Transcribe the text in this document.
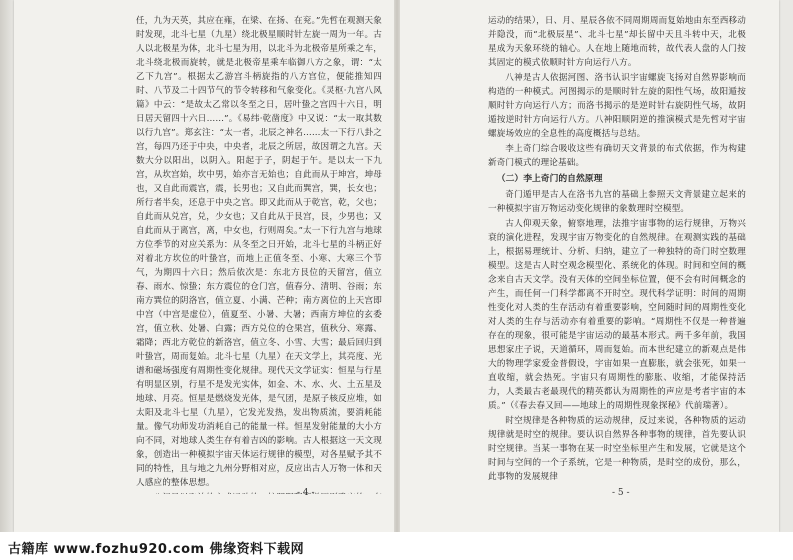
任，九为天英，其应在雍，在梁、在扬、在兖。”先哲在观测天象时发现，北斗七星（九星）绕北极星顺时针左旋一周为一年。古人以北极星为体，北斗七星为用，以北斗为北极帝星所乘之车，北斗绕北极而旋转，就是北极帝星乘车临御八方之象，谓：“太乙下九宫”。根据太乙游宫斗柄旋指的八方宫位，便能推知四时、八节及二十四节气的节令转移和气象变化。《灵枢·九宫八风篇》中云：“是故太乙常以冬至之日，居叶蛰之宫四十六日，明日居天留四十六日……”。《易纬·乾凿度》中又说：“太一取其数以行九宫”。郑玄注：“太一者，北辰之神名……太一下行八卦之宫，每四乃还于中央，中央者，北辰之所居，故因谓之九宫。天数大分以阳出，以阴入。阳起于子，阴起于午。是以太一下九宫，从坎宫始，坎中男，始亦言无始也；自此而从于坤宫，坤母也，又自此而震宫，震，长男也；又自此而巽宫，巽，长女也；所行者半矣，还息于中央之宫。即又此而从于乾宫，乾，父也；自此而从兑宫，兑，少女也；又自此从于艮宫，艮，少男也；又自此而从于离宫，离，中女也，行则周矣。”太一下行九宫与地球方位季节的对应关系为：从冬至之日开始，北斗七星的斗柄正好对着北方坎位的叶蛰宫，而地上正值冬至、小寒、大寒三个节气，为期四十六日；然后依次是：东北方艮位的天留宫，值立春、雨水、惊蛰；东方震位的仓门宫，值春分、清明、谷雨；东南方巽位的阴洛宫，值立夏、小满、芒种；南方离位的上天宫即中宫（中宫是虚位），值夏至、小暑、大暑；西南方坤位的玄委宫，值立秋、处暑、白露；西方兑位的仓果宫，值秋分、寒露、霜降；西北方乾位的新洛宫，值立冬、小雪、大雪；最后回归到叶蛰宫，周而复始。北斗七星（九星）在天文学上，其亮度、光谱和磁场强度有周期性变化规律。现代天文学证实：恒星与行星有明显区别，行星不是发光实体，如金、木、水、火、土五星及地球、月亮。恒星是燃烧发光体，是气团，是原子核反应堆，如太阳及北斗七星（九星），它发光发热，发出物质流，要消耗能量。像气功师发功消耗自己的能量一样。恒星发射能量的大小方向不同，对地球人类生存有着吉凶的影响。古人根据这一天文现象，创造出一种模拟宇宙天体运行规律的模型，对各星赋予其不同的特性，且与地之九州分野相对应，反应出古人万物一体和天人感应的整体思想。

- 4 -

运动的结果），日、月、星辰各依不同周期周而复始地由东至西移动并隐没，而“北极辰星”、北斗七星”却长留中天且斗转中天，北极星成为天象环绕的轴心。人在地上随地而转，故代表人盘的人门按其固定的模式依顺时针方向运行八方。

八神是古人依据河图、洛书认识宇宙螺旋飞扬对自然界影响而构造的一种模式。河图揭示的是顺时针左旋的阳性气场，故阳遁按顺时针方向运行八方；而洛书揭示的是逆时针右旋阴性气场，故阴遁按逆时针方向运行八方。八神阳顺阴逆的推演模式是先哲对宇宙螺旋场效应的全息性的高度概括与总结。

李上奇门综合吸收这些有确切天文背景的布式依据，作为构建新奇门模式的理论基础。

（二）李上奇门的自然原理

奇门遁甲是古人在洛书九宫的基础上参照天文背景建立起来的一种模拟宇宙万物运动变化规律的象数理时空模型。

古人仰观天象，俯察地理，法推宇宙事物的运行规律，万物兴衰的演化进程，发现宇宙万物变化的自然规律。在观测实践的基础上，根据易理统计、分析、归纳，建立了一种独特的奇门时空数理模型。这是古人时空观念模型化、系统化的体现。时间和空间的概念来自古天文学。没有天体的空间坐标位置，便不会有时间概念的产生，而任何一门科学都离不开时空。现代科学证明：时间的周期性变化对人类的生存活动有着重要影响，空间随时间的周期性变化对人类的生存与活动亦有着重要的影响。“周期性不仅是一种普遍存在的现象，很可能是宇宙运动的最基本形式。两千多年前，我国思想家庄子说，天道循环，周而复始。而本世纪建立的新观点是伟大的物理学家爱金普假设，宇宙如果一直膨胀，就会张死，如果一直收缩，就会热死。宇宙只有周期性的膨胀、收缩，才能保持活力，人类最古老最现代的精英都认为周期性的声应是考者宇宙的本质。”（《春去春又回——地球上的周期性现象探秘》代前瑞著）。

时空规律是各种物质的运动规律，反过来说，各种物质的运动规律就是时空的规律。要认识自然界各种事物的规律，首先要认识时空规律。当某一事物在某一时空坐标里产生和发展，它就是这个时间与空间的一个子系统，它是一种物质，是时空的成份，那么，此事物的发展规律

- 5 -
古籍库 www.fozhu920.com 佛缘资料下载网
